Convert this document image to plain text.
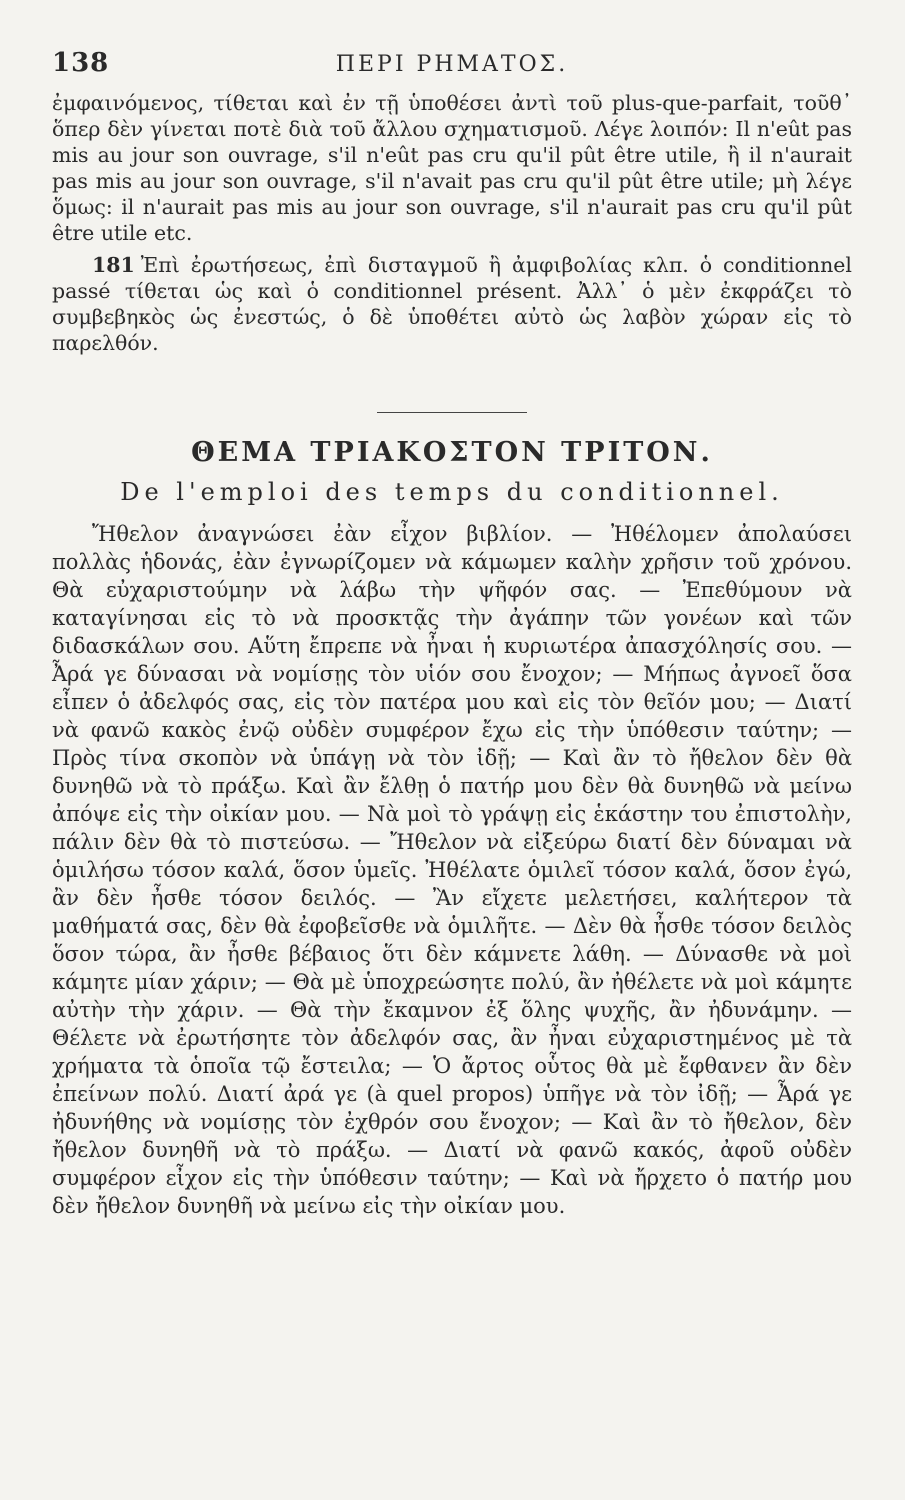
138	ΠΕΡΙ ΡΗΜΑΤΟΣ.

ἐμφαινόμενος, τίθεται καὶ ἐν τῇ ὑποθέσει ἀντὶ τοῦ plus-que-parfait, τοῦθ᾽ ὅπερ δὲν γίνεται ποτὲ διὰ τοῦ ἄλλου σχηματισμοῦ. Λέγε λοιπόν: Il n'eût pas mis au jour son ouvrage, s'il n'eût pas cru qu'il pût être utile, ἢ il n'aurait pas mis au jour son ouvrage, s'il n'avait pas cru qu'il pût être utile; μὴ λέγε ὅμως: il n'aurait pas mis au jour son ouvrage, s'il n'aurait pas cru qu'il pût être utile etc.

181 Ἐπὶ ἐρωτήσεως, ἐπὶ δισταγμοῦ ἢ ἀμφιβολίας κλπ. ὁ conditionnel passé τίθεται ὡς καὶ ὁ conditionnel présent. Ἀλλ᾽ ὁ μὲν ἐκφράζει τὸ συμβεβηκὸς ὡς ἐνεστώς, ὁ δὲ ὑποθέτει αὐτὸ ὡς λαβὸν χώραν εἰς τὸ παρελθόν.

ΘΕΜΑ ΤΡΙΑΚΟΣΤΟΝ ΤΡΙΤΟΝ.
De l'emploi des temps du conditionnel.

Ἤθελον ἀναγνώσει ἐὰν εἶχον βιβλίον. — Ἠθέλομεν ἀπολαύσει πολλὰς ἡδονάς, ἐὰν ἐγνωρίζομεν νὰ κάμωμεν καλὴν χρῆσιν τοῦ χρόνου. Θὰ εὐχαριστούμην νὰ λάβω τὴν ψῆφόν σας. — Ἐπεθύμουν νὰ καταγίνησαι εἰς τὸ νὰ προσκτᾷς τὴν ἀγάπην τῶν γονέων καὶ τῶν διδασκάλων σου. Αὕτη ἔπρεπε νὰ ἦναι ἡ κυριωτέρα ἀπασχόλησίς σου. — Ἆρά γε δύνασαι νὰ νομίσῃς τὸν υἱόν σου ἔνοχον; — Μήπως ἀγνοεῖ ὅσα εἶπεν ὁ ἀδελφός σας, εἰς τὸν πατέρα μου καὶ εἰς τὸν θεῖόν μου; — Διατί νὰ φανῶ κακὸς ἐνῷ οὐδὲν συμφέρον ἔχω εἰς τὴν ὑπόθεσιν ταύτην; — Πρὸς τίνα σκοπὸν νὰ ὑπάγῃ νὰ τὸν ἰδῇ; — Καὶ ἂν τὸ ἤθελον δὲν θὰ δυνηθῶ νὰ τὸ πράξω. Καὶ ἂν ἔλθῃ ὁ πατήρ μου δὲν θὰ δυνηθῶ νὰ μείνω ἀπόψε εἰς τὴν οἰκίαν μου. — Νὰ μοὶ τὸ γράψῃ εἰς ἑκάστην του ἐπιστολὴν, πάλιν δὲν θὰ τὸ πιστεύσω. — Ἤθελον νὰ εἰξεύρω διατί δὲν δύναμαι νὰ ὁμιλήσω τόσον καλά, ὅσον ὑμεῖς. Ἠθέλατε ὁμιλεῖ τόσον καλά, ὅσον ἐγώ, ἂν δὲν ἦσθε τόσον δειλός. — Ἂν εἴχετε μελετήσει, καλήτερον τὰ μαθήματά σας, δὲν θὰ ἐφοβεῖσθε νὰ ὁμιλῆτε. — Δὲν θὰ ἦσθε τόσον δειλὸς ὅσον τώρα, ἂν ἦσθε βέβαιος ὅτι δὲν κάμνετε λάθη. — Δύνασθε νὰ μοὶ κάμητε μίαν χάριν; — Θὰ μὲ ὑποχρεώσητε πολύ, ἂν ἠθέλετε νὰ μοὶ κάμητε αὐτὴν τὴν χάριν. — Θὰ τὴν ἔκαμνον ἐξ ὅλης ψυχῆς, ἂν ἠδυνάμην. — Θέλετε νὰ ἐρωτήσητε τὸν ἀδελφόν σας, ἂν ἦναι εὐχαριστημένος μὲ τὰ χρήματα τὰ ὁποῖα τῷ ἔστειλα; — Ὁ ἄρτος οὗτος θὰ μὲ ἔφθανεν ἂν δὲν ἐπείνων πολύ. Διατί ἀρά γε (à quel propos) ὑπῆγε νὰ τὸν ἰδῇ; — Ἆρά γε ἠδυνήθης νὰ νομίσῃς τὸν ἐχθρόν σου ἔνοχον; — Καὶ ἂν τὸ ἤθελον, δὲν ἤθελον δυνηθῆ νὰ τὸ πράξω. — Διατί νὰ φανῶ κακός, ἀφοῦ οὐδὲν συμφέρον εἶχον εἰς τὴν ὑπόθεσιν ταύτην; — Καὶ νὰ ἤρχετο ὁ πατήρ μου δὲν ἤθελον δυνηθῆ νὰ μείνω εἰς τὴν οἰκίαν μου.
